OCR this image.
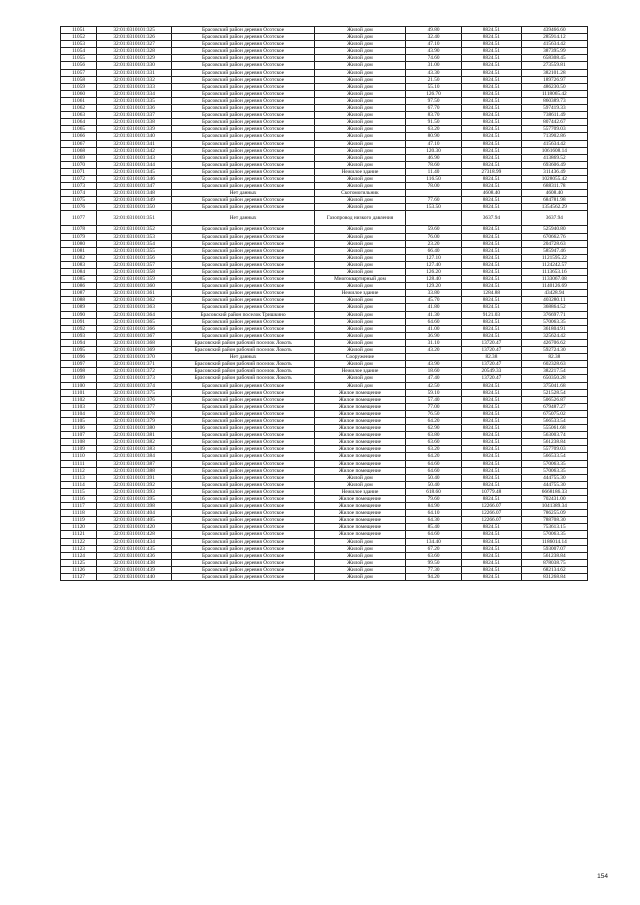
11051	32:01:0310101:325	Брасовский район деревня Осотское	Жилой дом	49.80	8824.51	439466.60
11052	32:01:0310101:326	Брасовский район деревня Осотское	Жилой дом	32.40	8824.51	285914.12
11053	32:01:0310101:327	Брасовский район деревня Осотское	Жилой дом	47.10	8824.51	415634.42
11054	32:01:0310101:328	Брасовский район деревня Осотское	Жилой дом	43.90	8824.51	387395.99
11055	32:01:0310101:329	Брасовский район деревня Осотское	Жилой дом	74.60	8824.51	658308.45
11056	32:01:0310101:330	Брасовский район деревня Осотское	Жилой дом	31.00	8824.51	273559.81
11057	32:01:0310101:331	Брасовский район деревня Осотское	Жилой дом	43.30	8824.51	382101.28
11058	32:01:0310101:332	Брасовский район деревня Осотское	Жилой дом	21.50	8824.51	189726.97
11059	32:01:0310101:333	Брасовский район деревня Осотское	Жилой дом	55.10	8824.51	486230.50
11060	32:01:0310101:334	Брасовский район деревня Осотское	Жилой дом	126.70	8824.51	1118065.42
11061	32:01:0310101:335	Брасовский район деревня Осотское	Жилой дом	97.50	8824.51	860389.73
11062	32:01:0310101:336	Брасовский район деревня Осотское	Жилой дом	67.70	8824.51	597419.33
11063	32:01:0310101:337	Брасовский район деревня Осотское	Жилой дом	83.70	8824.51	738611.49
11064	32:01:0310101:338	Брасовский район деревня Осотское	Жилой дом	91.50	8824.51	807442.67
11065	32:01:0310101:339	Брасовский район деревня Осотское	Жилой дом	63.20	8824.51	557709.03
11066	32:01:0310101:340	Брасовский район деревня Осотское	Жилой дом	80.90	8824.51	713902.86
11067	32:01:0310101:341	Брасовский район деревня Осотское	Жилой дом	47.10	8824.51	415634.42
11068	32:01:0310101:342	Брасовский район деревня Осотское	Жилой дом	120.30	8824.51	1061608.14
11069	32:01:0310101:343	Брасовский район деревня Осотское	Жилой дом	46.90	8824.51	413869.52
11070	32:01:0310101:344	Брасовский район деревня Осотское	Жилой дом	78.60	8824.51	693606.49
11071	32:01:0310101:345	Брасовский район деревня Осотское	Нежилое здание	11.40	27318.99	311436.49
11072	32:01:0310101:346	Брасовский район деревня Осотское	Жилой дом	116.50	8824.51	1028055.42
11073	32:01:0310101:347	Брасовский район деревня Осотское	Жилой дом	78.00	8824.51	688311.78
11074	32:01:0310101:348	Нет данных	Скотомогильник		4608.40	4608.40
11075	32:01:0310101:349	Брасовский район деревня Осотское	Жилой дом	77.60	8824.51	684781.98
11076	32:01:0310101:350	Брасовский район деревня Осотское	Жилой дом	153.50	8824.51	1354562.29
11077	32:01:0310101:351	Нет данных	Газопровод низкого давления		3637.94	3637.94
11078	32:01:0310101:352	Брасовский район деревня Осотское	Жилой дом	59.60	8824.51	525940.80
11079	32:01:0310101:353	Брасовский район деревня Осотское	Жилой дом	76.00	8824.51	670662.76
11080	32:01:0310101:354	Брасовский район деревня Осотское	Жилой дом	23.20	8824.51	204728.63
11081	32:01:0310101:355	Брасовский район деревня Осотское	Жилой дом	66.40	8824.51	585947.46
11082	32:01:0310101:356	Брасовский район деревня Осотское	Жилой дом	127.10	8824.51	1121595.22
11083	32:01:0310101:357	Брасовский район деревня Осотское	Жилой дом	127.40	8824.51	1124242.57
11084	32:01:0310101:358	Брасовский район деревня Осотское	Жилой дом	126.20	8824.51	1113653.16
11085	32:01:0310101:359	Брасовский район деревня Осотское	Многоквартирный дом	128.40	8824.51	1133067.08
11086	32:01:0310101:360	Брасовский район деревня Осотское	Жилой дом	129.20	8824.51	1140126.69
11087	32:01:0310101:361	Брасовский район деревня Осотское	Нежилое здание	33.80	1284.88	43428.94
11088	32:01:0310101:362	Брасовский район деревня Осотское	Жилой дом	45.70	8824.51	403280.11
11089	32:01:0310101:363	Брасовский район деревня Осотское	Жилой дом	41.80	8824.51	368864.52
11090	32:01:0310101:364	Брасовский район поселок Тришкино	Жилой дом	41.30	9121.03	376697.71
11091	32:01:0310101:365	Брасовский район деревня Осотское	Жилой дом	64.60	8824.51	570063.35
11092	32:01:0310101:366	Брасовский район деревня Осотское	Жилой дом	41.00	8824.51	361804.91
11093	32:01:0310101:367	Брасовский район деревня Осотское	Жилой дом	36.90	8824.51	325624.42
11094	32:01:0310101:368	Брасовский район рабочий поселок Локоть	Жилой дом	31.10	13720.47	426706.62
11095	32:01:0310101:369	Брасовский район рабочий поселок Локоть	Жилой дом	43.20	13720.47	592724.30
11096	32:01:0310101:370	Нет данных	Сооружение		82.38	82.38
11097	32:01:0310101:371	Брасовский район рабочий поселок Локоть	Жилой дом	43.90	13720.47	602328.63
11098	32:01:0310101:372	Брасовский район рабочий поселок Локоть	Нежилое здание	18.60	20549.33	382217.54
11099	32:01:0310101:373	Брасовский район рабочий поселок Локоть	Жилой дом	47.40	13720.47	650350.28
11100	32:01:0310101:374	Брасовский район деревня Осотское	Жилой дом	42.50	8824.51	375041.68
11101	32:01:0310101:375	Брасовский район деревня Осотское	Жилое помещение	59.10	8824.51	521528.54
11102	32:01:0310101:376	Брасовский район деревня Осотское	Жилое помещение	57.40	8824.51	506526.87
11103	32:01:0310101:377	Брасовский район деревня Осотское	Жилое помещение	77.00	8824.51	679487.27
11104	32:01:0310101:378	Брасовский район деревня Осотское	Жилое помещение	76.50	8824.51	675075.02
11105	32:01:0310101:379	Брасовский район деревня Осотское	Жилое помещение	64.20	8824.51	566533.54
11106	32:01:0310101:380	Брасовский район деревня Осотское	Жилое помещение	62.90	8824.51	555061.68
11107	32:01:0310101:381	Брасовский район деревня Осотское	Жилое помещение	63.80	8824.51	563003.74
11108	32:01:0310101:382	Брасовский район деревня Осотское	Жилое помещение	63.60	8824.51	561238.84
11109	32:01:0310101:383	Брасовский район деревня Осотское	Жилое помещение	63.20	8824.51	557709.03
11110	32:01:0310101:384	Брасовский район деревня Осотское	Жилое помещение	64.20	8824.51	566533.54
11111	32:01:0310101:387	Брасовский район деревня Осотское	Жилое помещение	64.60	8824.51	570063.35
11112	32:01:0310101:388	Брасовский район деревня Осотское	Жилое помещение	64.60	8824.51	570063.35
11113	32:01:0310101:391	Брасовский район деревня Осотское	Жилой дом	50.40	8824.51	444755.30
11114	32:01:0310101:392	Брасовский район деревня Осотское	Жилой дом	50.40	8824.51	444755.30
11115	32:01:0310101:393	Брасовский район деревня Осотское	Нежилое здание	618.60	10779.48	6668186.33
11116	32:01:0310101:395	Брасовский район деревня Осотское	Жилое помещение	79.60	8824.51	702431.00
11117	32:01:0310101:398	Брасовский район деревня Осотское	Жилое помещение	84.90	12266.07	1041389.34
11118	32:01:0310101:404	Брасовский район деревня Осотское	Жилое помещение	64.10	12266.07	786255.09
11119	32:01:0310101:405	Брасовский район деревня Осотское	Жилое помещение	64.30	12266.07	788708.30
11120	32:01:0310101:420	Брасовский район деревня Осотское	Жилое помещение	85.40	8824.51	753613.15
11121	32:01:0310101:428	Брасовский район деревня Осотское	Жилое помещение	64.60	8824.51	570063.35
11122	32:01:0310101:434	Брасовский район деревня Осотское	Жилой дом	134.40	8824.51	1186014.14
11123	32:01:0310101:435	Брасовский район деревня Осотское	Жилой дом	67.20	8824.51	593007.07
11124	32:01:0310101:436	Брасовский район деревня Осотское	Жилой дом	63.60	8824.51	561238.84
11125	32:01:0310101:438	Брасовский район деревня Осотское	Жилой дом	99.50	8824.51	878038.75
11126	32:01:0310101:439	Брасовский район деревня Осотское	Жилой дом	77.30	8824.51	682134.62
11127	32:01:0310101:440	Брасовский район деревня Осотское	Жилой дом	94.20	8824.51	831268.84
154
